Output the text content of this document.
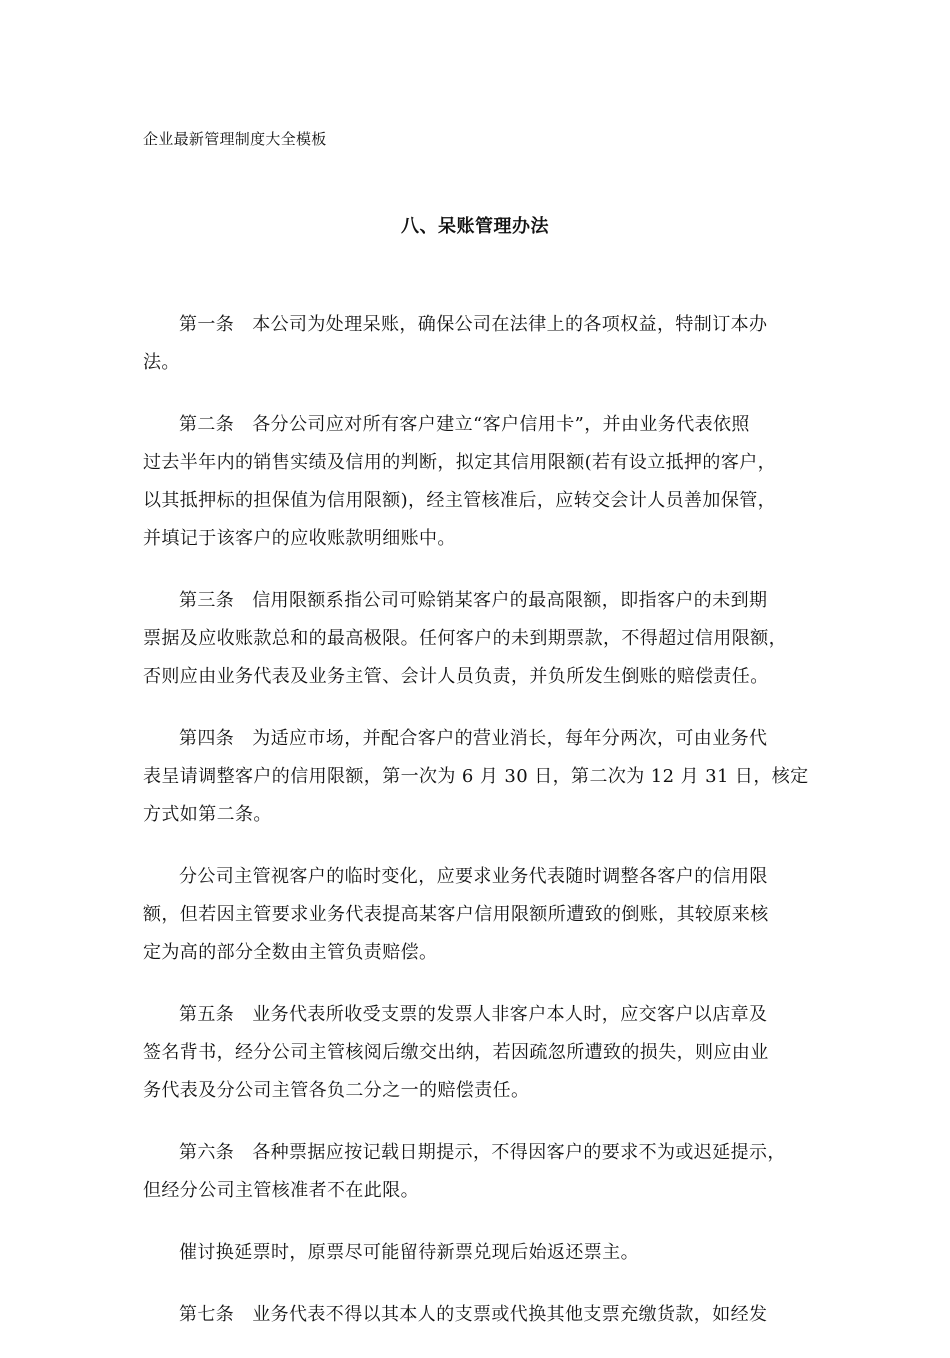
企业最新管理制度大全模板
八、呆账管理办法

第一条 本公司为处理呆账，确保公司在法律上的各项权益，特制订本办
法。

第二条 各分公司应对所有客户建立“客户信用卡”，并由业务代表依照
过去半年内的销售实绩及信用的判断，拟定其信用限额(若有设立抵押的客户，
以其抵押标的担保值为信用限额)，经主管核准后，应转交会计人员善加保管，
并填记于该客户的应收账款明细账中。

第三条 信用限额系指公司可赊销某客户的最高限额，即指客户的未到期
票据及应收账款总和的最高极限。任何客户的未到期票款，不得超过信用限额，
否则应由业务代表及业务主管、会计人员负责，并负所发生倒账的赔偿责任。

第四条 为适应市场，并配合客户的营业消长，每年分两次，可由业务代
表呈请调整客户的信用限额，第一次为 6 月 30 日，第二次为 12 月 31 日，核定
方式如第二条。

分公司主管视客户的临时变化，应要求业务代表随时调整各客户的信用限
额，但若因主管要求业务代表提高某客户信用限额所遭致的倒账，其较原来核
定为高的部分全数由主管负责赔偿。

第五条 业务代表所收受支票的发票人非客户本人时，应交客户以店章及
签名背书，经分公司主管核阅后缴交出纳，若因疏忽所遭致的损失，则应由业
务代表及分公司主管各负二分之一的赔偿责任。

第六条 各种票据应按记载日期提示，不得因客户的要求不为或迟延提示，
但经分公司主管核准者不在此限。

催讨换延票时，原票尽可能留待新票兑现后始返还票主。

第七条 业务代表不得以其本人的支票或代换其他支票充缴货款，如经发
